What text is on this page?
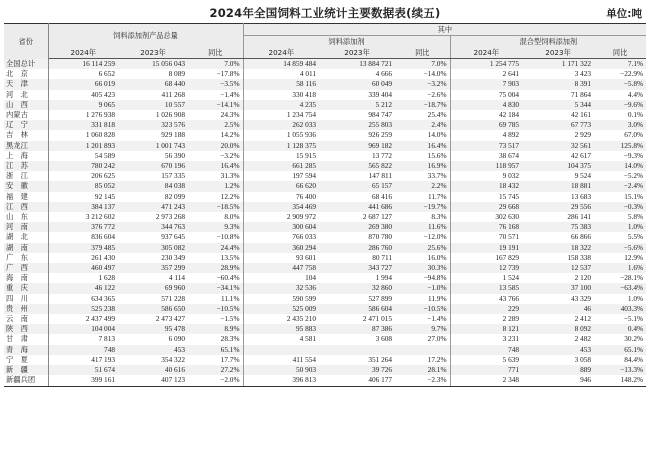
2024年全国饲料工业统计主要数据表(续五)	单位:吨
省份	饲料添加剂产品总量			其中					
				饲料添加剂			混合型饲料添加剂		
	2024年	2023年	同比	2024年	2023年	同比	2024年	2023年	同比
全国总计	16 114 259	15 056 043	7.0%	14 859 484	13 884 721	7.0%	1 254 775	1 171 322	7.1%
北　京	6 652	8 089	−17.8%	4 011	4 666	−14.0%	2 641	3 423	−22.9%
天　津	66 019	68 440	−3.5%	58 116	60 049	−3.2%	7 903	8 391	−5.8%
河　北	405 423	411 268	−1.4%	330 418	339 404	−2.6%	75 004	71 864	4.4%
山　西	9 065	10 557	−14.1%	4 235	5 212	−18.7%	4 830	5 344	−9.6%
内蒙古	1 276 938	1 026 908	24.3%	1 234 754	984 747	25.4%	42 184	42 161	0.1%
辽　宁	331 818	323 576	2.5%	262 033	255 803	2.4%	69 785	67 773	3.0%
吉　林	1 060 828	929 188	14.2%	1 055 936	926 259	14.0%	4 892	2 929	67.0%
黑龙江	1 201 893	1 001 743	20.0%	1 128 375	969 182	16.4%	73 517	32 561	125.8%
上　海	54 589	56 390	−3.2%	15 915	13 772	15.6%	38 674	42 617	−9.3%
江　苏	780 242	670 196	16.4%	661 285	565 822	16.9%	118 957	104 375	14.0%
浙　江	206 625	157 335	31.3%	197 594	147 811	33.7%	9 032	9 524	−5.2%
安　徽	85 052	84 038	1.2%	66 620	65 157	2.2%	18 432	18 881	−2.4%
福　建	92 145	82 099	12.2%	76 400	68 416	11.7%	15 745	13 683	15.1%
江　西	384 137	471 243	−18.5%	354 469	441 686	−19.7%	29 668	29 556	−0.3%
山　东	3 212 602	2 973 268	8.0%	2 909 972	2 687 127	8.3%	302 630	286 141	5.8%
河　南	376 772	344 763	9.3%	300 604	269 380	11.6%	76 168	75 383	1.0%
湖　北	836 604	937 645	−10.8%	766 033	870 780	−12.0%	70 571	66 866	5.5%
湖　南	379 485	305 082	24.4%	360 294	286 760	25.6%	19 191	18 322	−5.6%
广　东	261 430	230 349	13.5%	93 601	80 711	16.0%	167 829	158 338	12.9%
广　西	460 497	357 299	28.9%	447 758	343 727	30.3%	12 739	12 537	1.6%
海　南	1 628	4 114	−60.4%	104	1 994	−94.8%	1 524	2 120	−28.1%
重　庆	46 122	69 960	−34.1%	32 536	32 860	−1.0%	13 585	37 100	−63.4%
四　川	634 365	571 228	11.1%	590 599	527 899	11.9%	43 766	43 329	1.0%
贵　州	525 238	586 650	−10.5%	525 009	586 604	−10.5%	229	46	403.3%
云　南	2 437 499	2 473 427	−1.5%	2 435 210	2 471 015	−1.4%	2 289	2 412	−5.1%
陕　西	104 004	95 478	8.9%	95 883	87 386	9.7%	8 121	8 092	0.4%
甘　肃	7 813	6 090	28.3%	4 581	3 608	27.0%	3 231	2 482	30.2%
青　海	748	453	65.1%				748	453	65.1%
宁　夏	417 193	354 322	17.7%	411 554	351 264	17.2%	5 639	3 058	84.4%
新　疆	51 674	40 616	27.2%	50 903	39 726	28.1%	771	889	−13.3%
新疆兵团	399 161	407 123	−2.0%	396 813	406 177	−2.3%	2 348	946	148.2%
